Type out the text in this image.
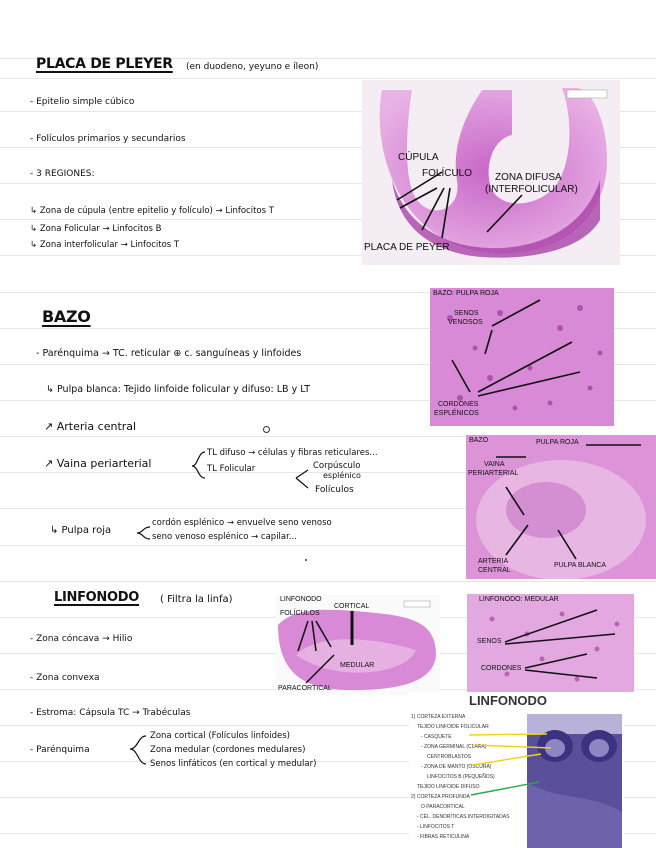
PLACA DE PLEYER (en duodeno, yeyuno e íleon)
- Epitelio simple cúbico
- Folículos primarios y secundarios
- 3 REGIONES:
↳ Zona de cúpula (entre epitelio y folículo) → Linfocitos T
↳ Zona Folicular → Linfocitos B
↳ Zona interfolicular → Linfocitos T
CÚPULA
FOLÍCULO ZONA DIFUSA
(INTERFOLICULAR)
PLACA DE PEYER
BAZO
- Parénquima → TC. reticular ⊕ c. sanguíneas y linfoides
↳ Pulpa blanca: Tejido linfoide folicular y difuso: LB y LT
↗ Arteria central
↗ Vaina periarterial
TL difuso → células y fibras reticulares...
TL Folicular	Corpúsculo
esplénico
Folículos
↳ Pulpa roja
cordón esplénico → envuelve seno venoso
seno venoso esplénico → capilar...
BAZO: PULPA ROJA
SENOS
VENOSOS
CORDONES
ESPLÉNICOS
BAZO	PULPA ROJA
VAINA
PERIARTERIAL
ARTERIA
CENTRAL
PULPA BLANCA
LINFONODO ( Filtra la linfa)
- Zona cóncava → Hilio
- Zona convexa
- Estroma: Cápsula TC → Trabéculas
- Parénquima
Zona cortical (Folículos linfoides)
Zona medular (cordones medulares)
Senos linfáticos (en cortical y medular)
LINFONODO
FOLÍCULOS
CORTICAL
MEDULAR
PARACORTICAL
LINFONODO: MEDULAR
SENOS
CORDONES
LINFONODO
1) CORTEZA EXTERNA
TEJIDO LINFOIDE FOLICULAR
- CASQUETE
- ZONA GERMINAL (CLARA)
CENTROBLASTOS
- ZONA DE MANTO (OSCURA)
LINFOCITOS B (PEQUEÑOS)
TEJIDO LINFOIDE DIFUSO
2) CORTEZA PROFUNDA
O PARACORTICAL
- CÉL. DENDRÍTICAS INTERDIGITADAS
- LINFOCITOS T
- FIBRAS RETICULINA
